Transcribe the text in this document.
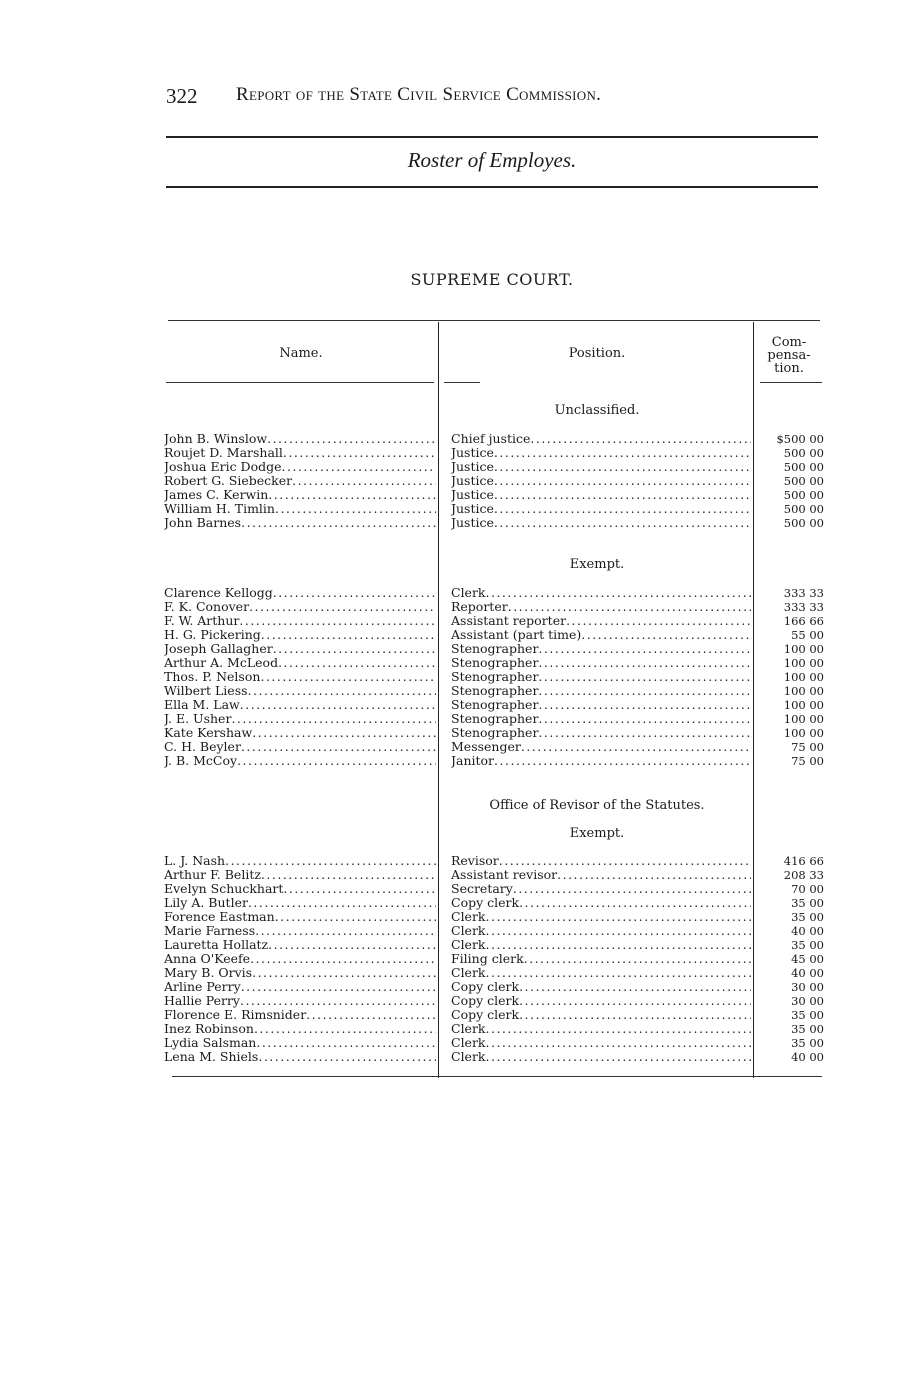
322 Report of the State Civil Service Commission.
Roster of Employes.
SUPREME COURT.
Name.	Position.
Com-
pensa-
tion.
Unclassified.
John B. Winslow .....	Chief justice .....	$500 00
Roujet D. Marshall .....	Justice .....	500 00
Joshua Eric Dodge .....	Justice .....	500 00
Robert G. Siebecker .....	Justice .....	500 00
James C. Kerwin .....	Justice .....	500 00
William H. Timlin .....	Justice .....	500 00
John Barnes .....	Justice .....	500 00
Exempt.
Clarence Kellogg .....	Clerk .....	333 33
F. K. Conover .....	Reporter .....	333 33
F. W. Arthur .....	Assistant reporter .....	166 66
H. G. Pickering .....	Assistant (part time) .....	55 00
Joseph Gallagher .....	Stenographer .....	100 00
Arthur A. McLeod .....	Stenographer .....	100 00
Thos. P. Nelson .....	Stenographer .....	100 00
Wilbert Liess .....	Stenographer .....	100 00
Ella M. Law .....	Stenographer .....	100 00
J. E. Usher .....	Stenographer .....	100 00
Kate Kershaw .....	Stenographer .....	100 00
C. H. Beyler .....	Messenger .....	75 00
J. B. McCoy .....	Janitor .....	75 00
Office of Revisor of the Statutes.
Exempt.
L. J. Nash .....	Revisor .....	416 66
Arthur F. Belitz .....	Assistant revisor .....	208 33
Evelyn Schuckhart .....	Secretary .....	70 00
Lily A. Butler .....	Copy clerk .....	35 00
Forence Eastman .....	Clerk .....	35 00
Marie Farness .....	Clerk .....	40 00
Lauretta Hollatz .....	Clerk .....	35 00
Anna O'Keefe .....	Filing clerk .....	45 00
Mary B. Orvis .....	Clerk .....	40 00
Arline Perry .....	Copy clerk .....	30 00
Hallie Perry .....	Copy clerk .....	30 00
Florence E. Rimsnider .....	Copy clerk .....	35 00
Inez Robinson .....	Clerk .....	35 00
Lydia Salsman .....	Clerk .....	35 00
Lena M. Shiels .....	Clerk .....	40 00
